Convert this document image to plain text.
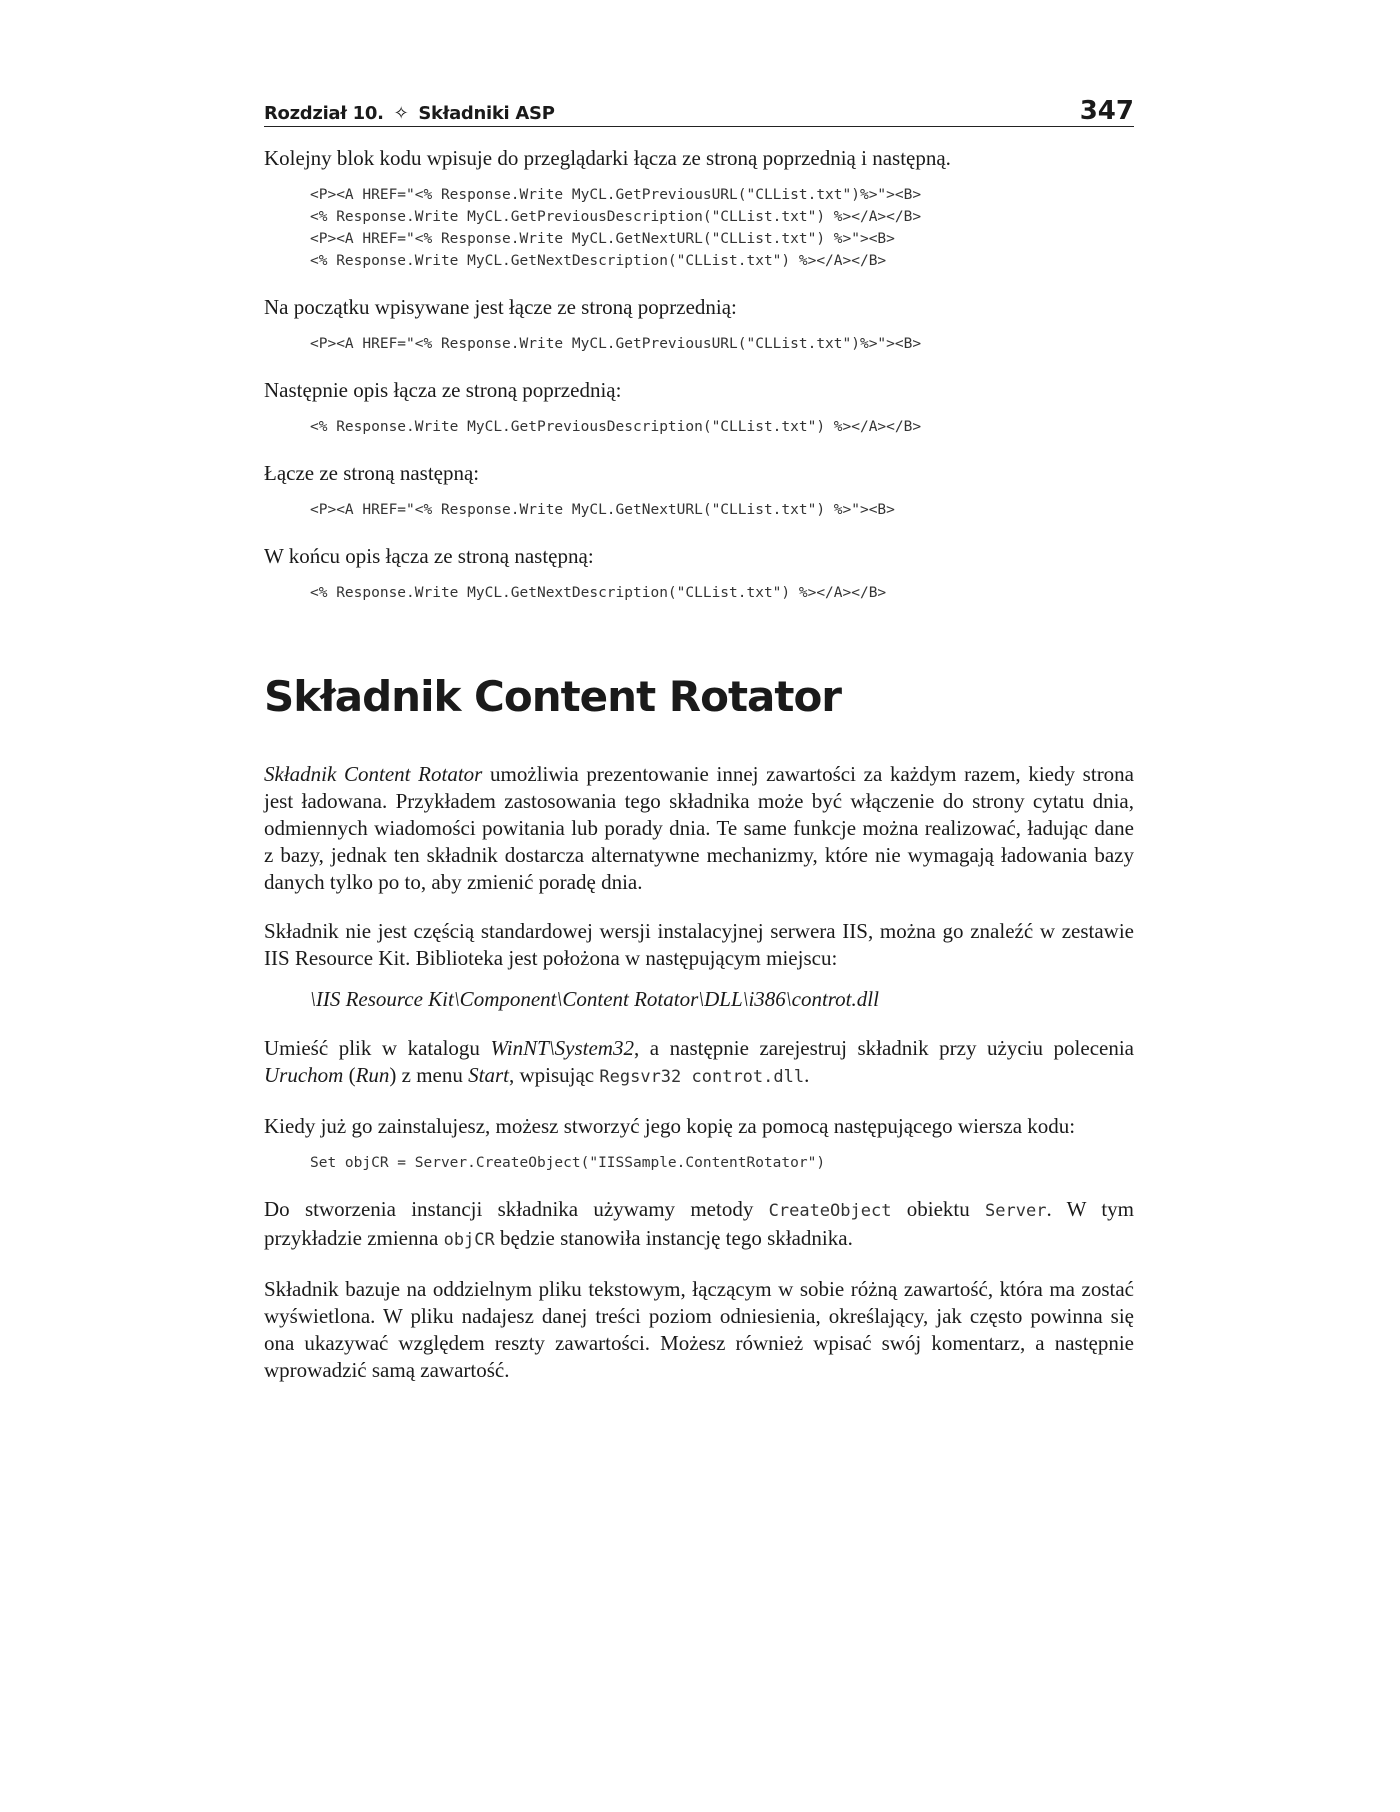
Rozdział 10. ✧ Składniki ASP	347

Kolejny blok kodu wpisuje do przeglądarki łącza ze stroną poprzednią i następną.

<P><A HREF="<% Response.Write MyCL.GetPreviousURL("CLList.txt")%>"><B>
<% Response.Write MyCL.GetPreviousDescription("CLList.txt") %></A></B>
<P><A HREF="<% Response.Write MyCL.GetNextURL("CLList.txt") %>"><B>
<% Response.Write MyCL.GetNextDescription("CLList.txt") %></A></B>

Na początku wpisywane jest łącze ze stroną poprzednią:

<P><A HREF="<% Response.Write MyCL.GetPreviousURL("CLList.txt")%>"><B>

Następnie opis łącza ze stroną poprzednią:

<% Response.Write MyCL.GetPreviousDescription("CLList.txt") %></A></B>

Łącze ze stroną następną:

<P><A HREF="<% Response.Write MyCL.GetNextURL("CLList.txt") %>"><B>

W końcu opis łącza ze stroną następną:

<% Response.Write MyCL.GetNextDescription("CLList.txt") %></A></B>
Składnik Content Rotator

Składnik Content Rotator umożliwia prezentowanie innej zawartości za każdym razem, kiedy strona jest ładowana. Przykładem zastosowania tego składnika może być włączenie do strony cytatu dnia, odmiennych wiadomości powitania lub porady dnia. Te same funkcje można realizować, ładując dane z bazy, jednak ten składnik dostarcza alternatywne mechanizmy, które nie wymagają ładowania bazy danych tylko po to, aby zmienić poradę dnia.

Składnik nie jest częścią standardowej wersji instalacyjnej serwera IIS, można go znaleźć w zestawie IIS Resource Kit. Biblioteka jest położona w następującym miejscu:

\IIS Resource Kit\Component\Content Rotator\DLL\i386\controt.dll

Umieść plik w katalogu WinNT\System32, a następnie zarejestruj składnik przy użyciu polecenia Uruchom (Run) z menu Start, wpisując Regsvr32 controt.dll.

Kiedy już go zainstalujesz, możesz stworzyć jego kopię za pomocą następującego wiersza kodu:

Set objCR = Server.CreateObject("IISSample.ContentRotator")

Do stworzenia instancji składnika używamy metody CreateObject obiektu Server. W tym przykładzie zmienna objCR będzie stanowiła instancję tego składnika.

Składnik bazuje na oddzielnym pliku tekstowym, łączącym w sobie różną zawartość, która ma zostać wyświetlona. W pliku nadajesz danej treści poziom odniesienia, określający, jak często powinna się ona ukazywać względem reszty zawartości. Możesz również wpisać swój komentarz, a następnie wprowadzić samą zawartość.
